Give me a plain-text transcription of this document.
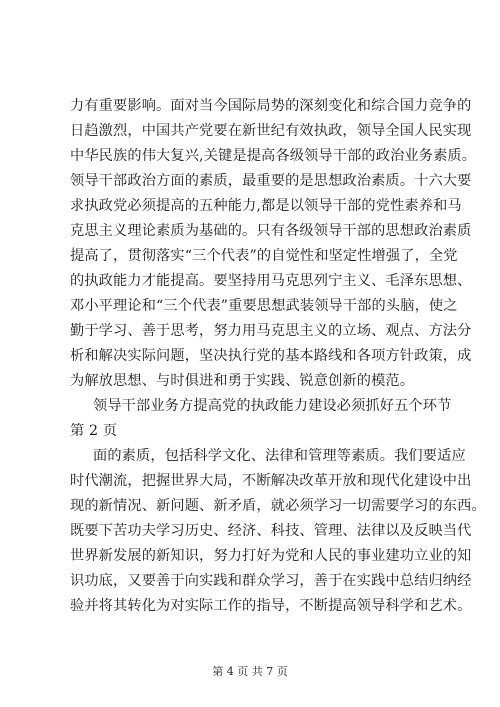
力有重要影响。面对当今国际局势的深刻变化和综合国力竞争的
日趋激烈，中国共产党要在新世纪有效执政，领导全国人民实现
中华民族的伟大复兴,关键是提高各级领导干部的政治业务素质。
领导干部政治方面的素质，最重要的是思想政治素质。十六大要
求执政党必须提高的五种能力,都是以领导干部的党性素养和马
克思主义理论素质为基础的。只有各级领导干部的思想政治素质
提高了，贯彻落实“三个代表”的自觉性和坚定性增强了，全党
的执政能力才能提高。要坚持用马克思列宁主义、毛泽东思想、
邓小平理论和“三个代表”重要思想武装领导干部的头脑，使之
勤于学习、善于思考，努力用马克思主义的立场、观点、方法分
析和解决实际问题，坚决执行党的基本路线和各项方针政策，成
为解放思想、与时俱进和勇于实践、锐意创新的模范。
领导干部业务方提高党的执政能力建设必须抓好五个环节
第 2 页
面的素质，包括科学文化、法律和管理等素质。我们要适应
时代潮流，把握世界大局，不断解决改革开放和现代化建设中出
现的新情况、新问题、新矛盾，就必须学习一切需要学习的东西。
既要下苦功夫学习历史、经济、科技、管理、法律以及反映当代
世界新发展的新知识，努力打好为党和人民的事业建功立业的知
识功底，又要善于向实践和群众学习，善于在实践中总结归纳经
验并将其转化为对实际工作的指导，不断提高领导科学和艺术。
第 4 页 共 7 页
